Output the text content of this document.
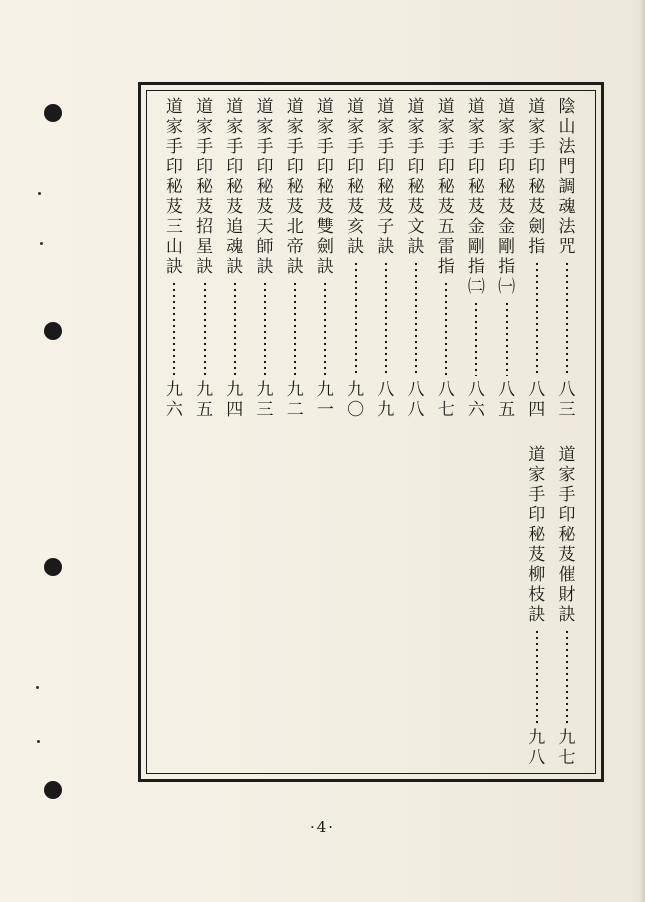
陰
山
法
門
調
魂
法
咒
八
三
道
家
手
印
秘
芨
劍
指
八
四
道
家
手
印
秘
芨
金
剛
指
㈠
八
五
道
家
手
印
秘
芨
金
剛
指
㈡
八
六
道
家
手
印
秘
芨
五
雷
指
八
七
道
家
手
印
秘
芨
文
訣
八
八
道
家
手
印
秘
芨
子
訣
八
九
道
家
手
印
秘
芨
亥
訣
九
〇
道
家
手
印
秘
芨
雙
劍
訣
九
一
道
家
手
印
秘
芨
北
帝
訣
九
二
道
家
手
印
秘
芨
天
師
訣
九
三
道
家
手
印
秘
芨
追
魂
訣
九
四
道
家
手
印
秘
芨
招
星
訣
九
五
道
家
手
印
秘
芨
三
山
訣
九
六
道
家
手
印
秘
芨
催
財
訣
九
七
道
家
手
印
秘
芨
柳
枝
訣
九
八
·4·
